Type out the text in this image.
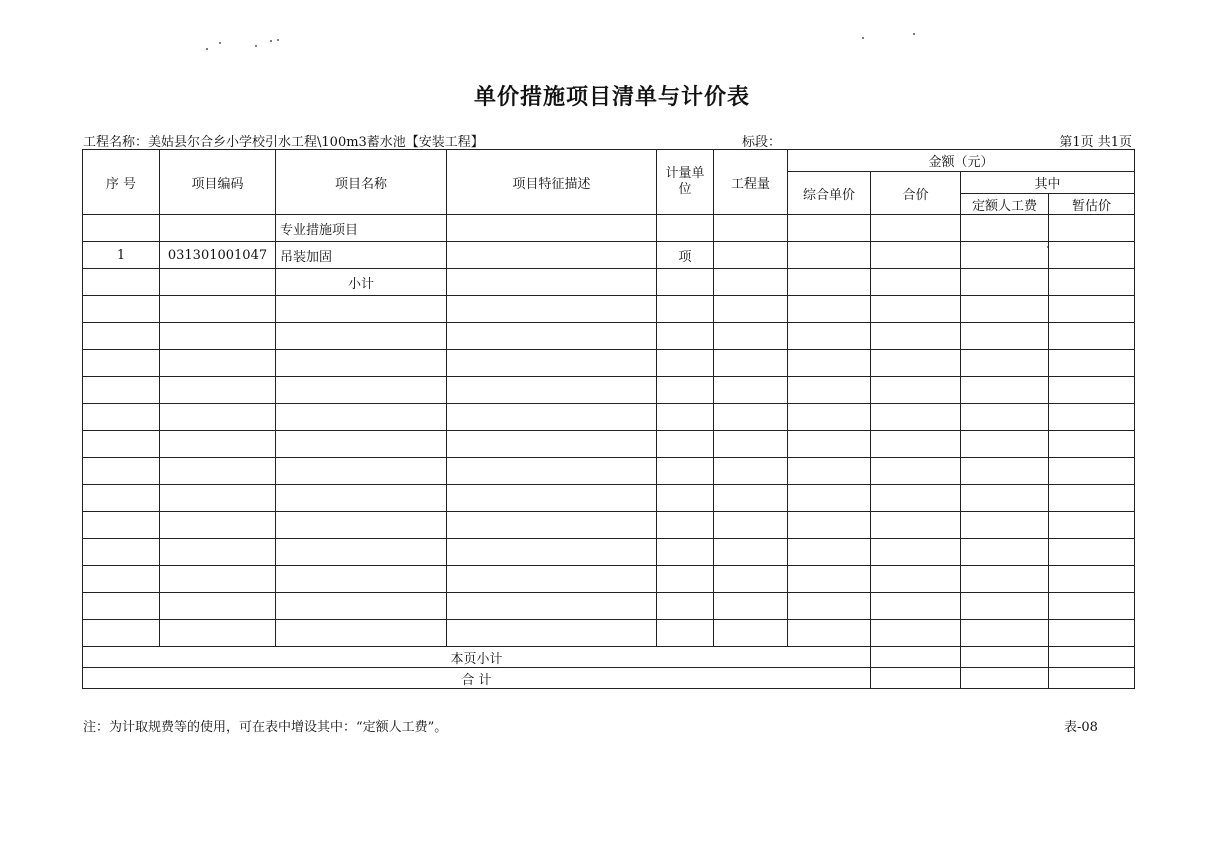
单价措施项目清单与计价表
工程名称：美姑县尔合乡小学校引水工程\100m3蓄水池【安装工程】	标段：	第1页 共1页
序 号	项目编码	项目名称	项目特征描述	计量单位	工程量	金额（元）			
						综合单价	合价	其中	
								定额人工费	暂估价
		专业措施项目							
1	031301001047	吊装加固		项					
		小计							

本页小计									
合 计									
注：为计取规费等的使用，可在表中增设其中：“定额人工费”。	表-08
